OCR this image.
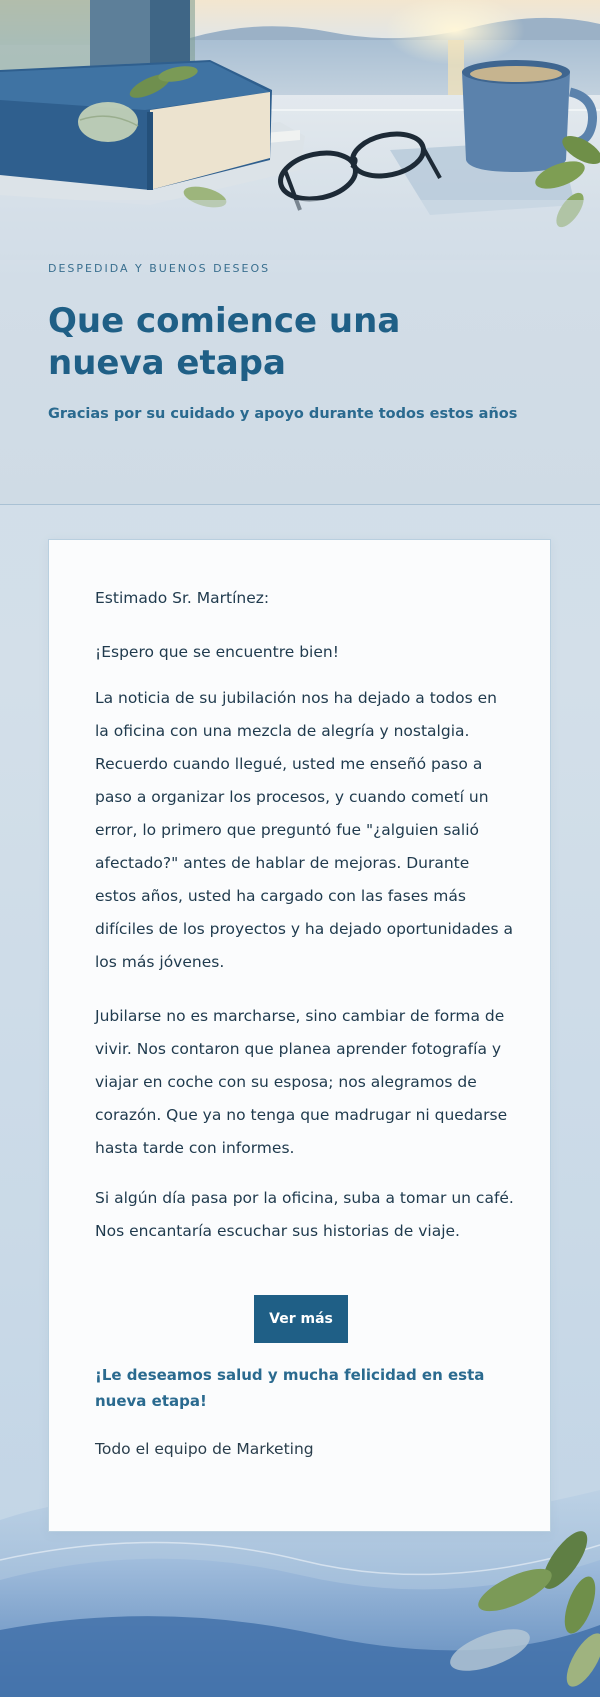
DESPEDIDA Y BUENOS DESEOS
Que comience una nueva etapa
Gracias por su cuidado y apoyo durante todos estos años

Estimado Sr. Martínez:

¡Espero que se encuentre bien!

La noticia de su jubilación nos ha dejado a todos en la oficina con una mezcla de alegría y nostalgia. Recuerdo cuando llegué, usted me enseñó paso a paso a organizar los procesos, y cuando cometí un error, lo primero que preguntó fue "¿alguien salió afectado?" antes de hablar de mejoras. Durante estos años, usted ha cargado con las fases más difíciles de los proyectos y ha dejado oportunidades a los más jóvenes.

Jubilarse no es marcharse, sino cambiar de forma de vivir. Nos contaron que planea aprender fotografía y viajar en coche con su esposa; nos alegramos de corazón. Que ya no tenga que madrugar ni quedarse hasta tarde con informes.

Si algún día pasa por la oficina, suba a tomar un café. Nos encantaría escuchar sus historias de viaje.

Ver más
¡Le deseamos salud y mucha felicidad en esta nueva etapa!
Todo el equipo de Marketing
